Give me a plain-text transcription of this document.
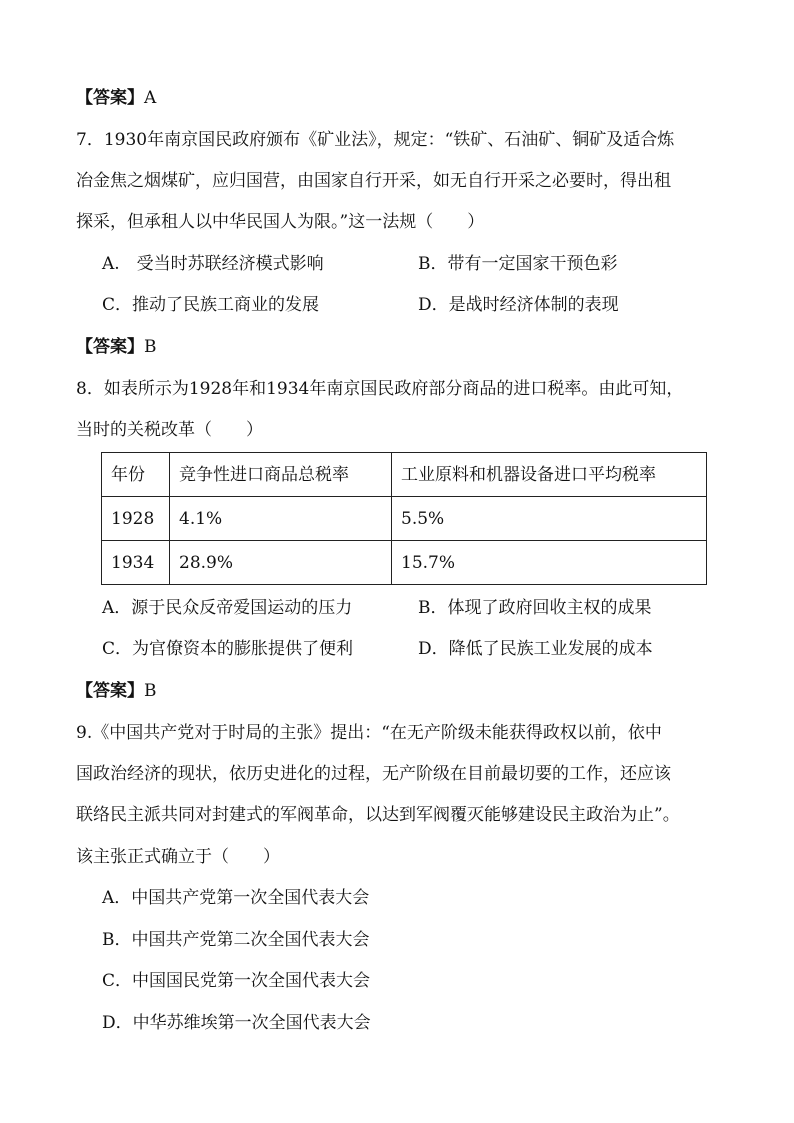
【答案】A
7．1930年南京国民政府颁布《矿业法》，规定：“铁矿、石油矿、铜矿及适合炼
冶金焦之烟煤矿，应归国营，由国家自行开采，如无自行开采之必要时，得出租
探采，但承租人以中华民国人为限。”这一法规（　　）
A.　受当时苏联经济模式影响	B．带有一定国家干预色彩
C．推动了民族工商业的发展	D．是战时经济体制的表现
【答案】B
8．如表所示为1928年和1934年南京国民政府部分商品的进口税率。由此可知，
当时的关税改革（　　）
年份	竞争性进口商品总税率	工业原料和机器设备进口平均税率
1928	4.1%	5.5%
1934	28.9%	15.7%
A．源于民众反帝爱国运动的压力	B．体现了政府回收主权的成果
C．为官僚资本的膨胀提供了便利	D．降低了民族工业发展的成本
【答案】B
9.《中国共产党对于时局的主张》提出：“在无产阶级未能获得政权以前，依中
国政治经济的现状，依历史进化的过程，无产阶级在目前最切要的工作，还应该
联络民主派共同对封建式的军阀革命，以达到军阀覆灭能够建设民主政治为止”。
该主张正式确立于（　　）
A．中国共产党第一次全国代表大会
B．中国共产党第二次全国代表大会
C．中国国民党第一次全国代表大会
D．中华苏维埃第一次全国代表大会
